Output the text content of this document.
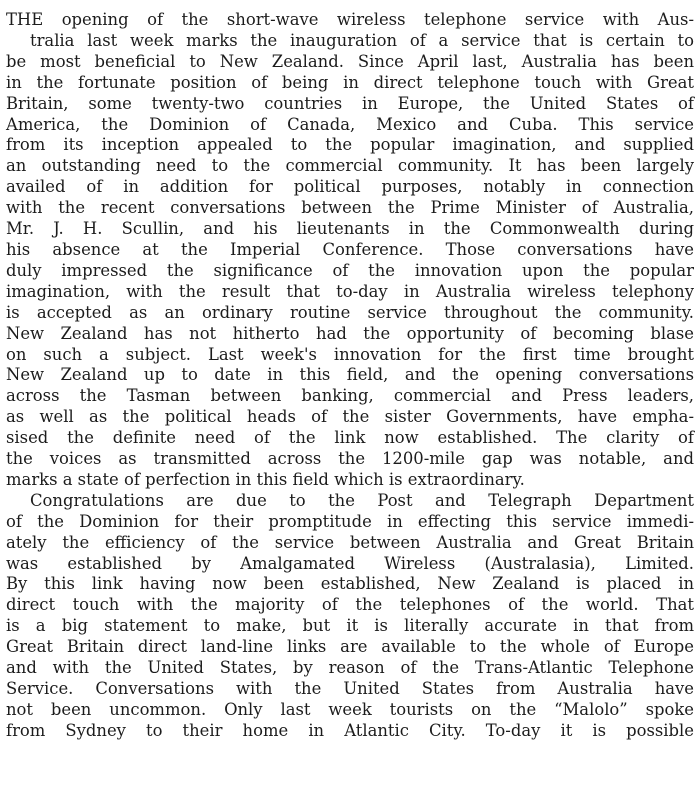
THE opening of the short-wave wireless telephone service with Aus-
tralia last week marks the inauguration of a service that is certain to
be most beneficial to New Zealand. Since April last, Australia has been
in the fortunate position of being in direct telephone touch with Great
Britain, some twenty-two countries in Europe, the United States of
America, the Dominion of Canada, Mexico and Cuba. This service
from its inception appealed to the popular imagination, and supplied
an outstanding need to the commercial community. It has been largely
availed of in addition for political purposes, notably in connection
with the recent conversations between the Prime Minister of Australia,
Mr. J. H. Scullin, and his lieutenants in the Commonwealth during
his absence at the Imperial Conference. Those conversations have
duly impressed the significance of the innovation upon the popular
imagination, with the result that to-day in Australia wireless telephony
is accepted as an ordinary routine service throughout the community.
New Zealand has not hitherto had the opportunity of becoming blase
on such a subject. Last week's innovation for the first time brought
New Zealand up to date in this field, and the opening conversations
across the Tasman between banking, commercial and Press leaders,
as well as the political heads of the sister Governments, have empha-
sised the definite need of the link now established. The clarity of
the voices as transmitted across the 1200-mile gap was notable, and
marks a state of perfection in this field which is extraordinary.
Congratulations are due to the Post and Telegraph Department
of the Dominion for their promptitude in effecting this service immedi-
ately the efficiency of the service between Australia and Great Britain
was established by Amalgamated Wireless (Australasia), Limited.
By this link having now been established, New Zealand is placed in
direct touch with the majority of the telephones of the world. That
is a big statement to make, but it is literally accurate in that from
Great Britain direct land-line links are available to the whole of Europe
and with the United States, by reason of the Trans-Atlantic Telephone
Service. Conversations with the United States from Australia have
not been uncommon. Only last week tourists on the “Malolo” spoke
from Sydney to their home in Atlantic City. To-day it is possible
